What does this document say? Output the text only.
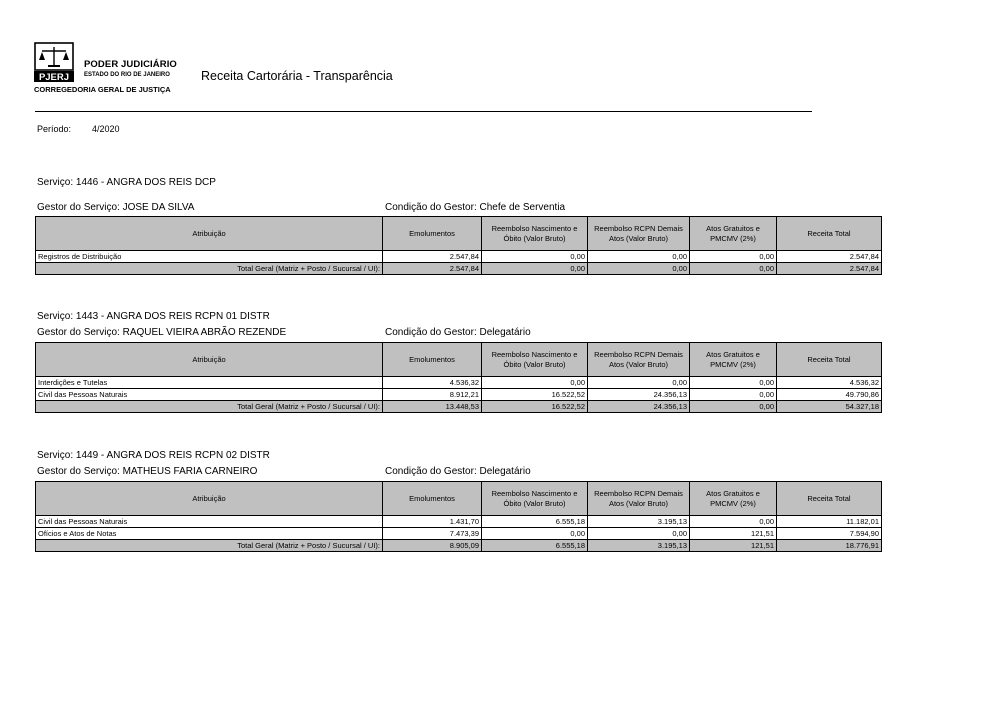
PJERJ
PODER JUDICIÁRIO
ESTADO DO RIO DE JANEIRO
CORREGEDORIA GERAL DE JUSTIÇA
Receita Cartorária - Transparência
Período: 4/2020
Serviço: 1446 - ANGRA DOS REIS DCP
Gestor do Serviço: JOSE DA SILVA	Condição do Gestor: Chefe de Serventia
Atribuição	Emolumentos	Reembolso Nascimento e Óbito (Valor Bruto)	Reembolso RCPN Demais Atos (Valor Bruto)	Atos Gratuitos e PMCMV (2%)	Receita Total
Registros de Distribuição	2.547,84	0,00	0,00	0,00	2.547,84
Total Geral (Matriz + Posto / Sucursal / UI):	2.547,84	0,00	0,00	0,00	2.547,84
Serviço: 1443 - ANGRA DOS REIS RCPN 01 DISTR
Gestor do Serviço: RAQUEL VIEIRA ABRÃO REZENDE	Condição do Gestor: Delegatário
Atribuição	Emolumentos	Reembolso Nascimento e Óbito (Valor Bruto)	Reembolso RCPN Demais Atos (Valor Bruto)	Atos Gratuitos e PMCMV (2%)	Receita Total
Interdições e Tutelas	4.536,32	0,00	0,00	0,00	4.536,32
Civil das Pessoas Naturais	8.912,21	16.522,52	24.356,13	0,00	49.790,86
Total Geral (Matriz + Posto / Sucursal / UI):	13.448,53	16.522,52	24.356,13	0,00	54.327,18
Serviço: 1449 - ANGRA DOS REIS RCPN 02 DISTR
Gestor do Serviço: MATHEUS FARIA CARNEIRO	Condição do Gestor: Delegatário
Atribuição	Emolumentos	Reembolso Nascimento e Óbito (Valor Bruto)	Reembolso RCPN Demais Atos (Valor Bruto)	Atos Gratuitos e PMCMV (2%)	Receita Total
Civil das Pessoas Naturais	1.431,70	6.555,18	3.195,13	0,00	11.182,01
Ofícios e Atos de Notas	7.473,39	0,00	0,00	121,51	7.594,90
Total Geral (Matriz + Posto / Sucursal / UI):	8.905,09	6.555,18	3.195,13	121,51	18.776,91
